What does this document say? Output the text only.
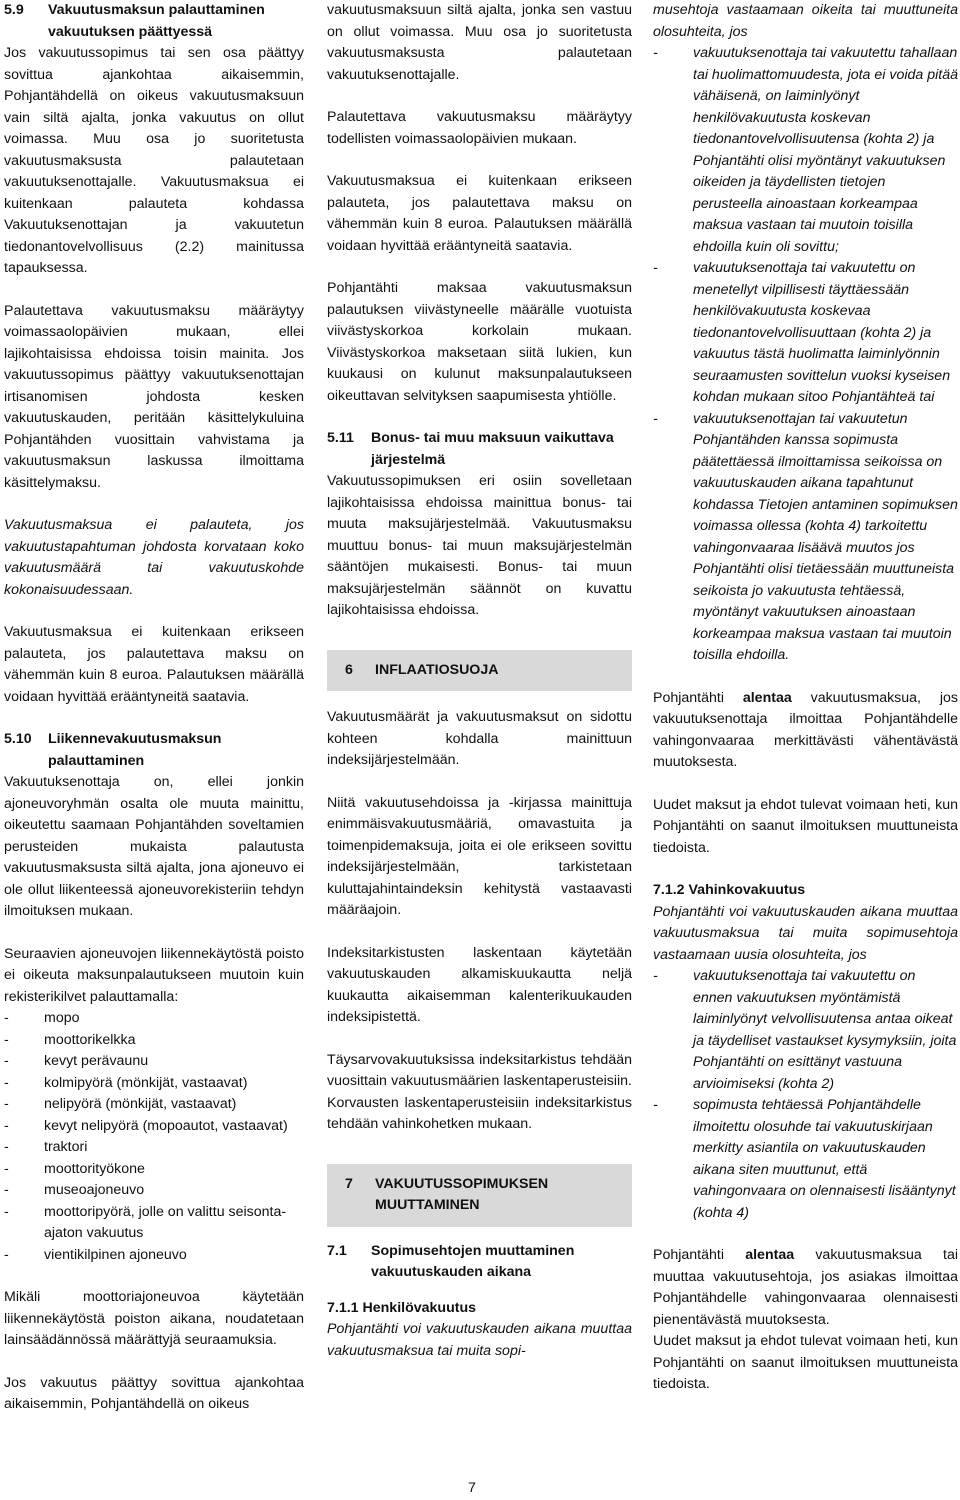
5.9	Vakuutusmaksun palauttaminen vakuutuksen päättyessä

Jos vakuutussopimus tai sen osa päättyy sovittua ajankohtaa aikaisemmin, Pohjantähdellä on oikeus vakuutusmaksuun vain siltä ajalta, jonka vakuutus on ollut voimassa. Muu osa jo suoritetusta vakuutusmaksusta palautetaan vakuutuksenottajalle. Vakuutusmaksua ei kuitenkaan palauteta kohdassa Vakuutuksenottajan ja vakuutetun tiedonantovelvollisuus (2.2) mainitussa tapauksessa.

Palautettava vakuutusmaksu määräytyy voimassaolopäivien mukaan, ellei lajikohtaisissa ehdoissa toisin mainita. Jos vakuutussopimus päättyy vakuutuksenottajan irtisanomisen johdosta kesken vakuutuskauden, peritään käsittelykuluina Pohjantähden vuosittain vahvistama ja vakuutusmaksun laskussa ilmoittama käsittelymaksu.

Vakuutusmaksua ei palauteta, jos vakuutustapahtuman johdosta korvataan koko vakuutusmäärä tai vakuutuskohde kokonaisuudessaan.

Vakuutusmaksua ei kuitenkaan erikseen palauteta, jos palautettava maksu on vähemmän kuin 8 euroa. Palautuksen määrällä voidaan hyvittää erääntyneitä saatavia.

5.10	Liikennevakuutusmaksun palauttaminen

Vakuutuksenottaja on, ellei jonkin ajoneuvoryhmän osalta ole muuta mainittu, oikeutettu saamaan Pohjantähden soveltamien perusteiden mukaista palautusta vakuutusmaksusta siltä ajalta, jona ajoneuvo ei ole ollut liikenteessä ajoneuvorekisteriin tehdyn ilmoituksen mukaan.

Seuraavien ajoneuvojen liikennekäytöstä poisto ei oikeuta maksunpalautukseen muutoin kuin rekisterikilvet palauttamalla:

- mopo
- moottorikelkka
- kevyt perävaunu
- kolmipyörä (mönkijät, vastaavat)
- nelipyörä (mönkijät, vastaavat)
- kevyt nelipyörä (mopoautot, vastaavat)
- traktori
- moottorityökone
- museoajoneuvo
- moottoripyörä, jolle on valittu seisonta-ajaton vakuutus
- vientikilpinen ajoneuvo

Mikäli moottoriajoneuvoa käytetään liikennekäytöstä poiston aikana, noudatetaan lainsäädännössä määrättyjä seuraamuksia.

Jos vakuutus päättyy sovittua ajankohtaa aikaisemmin, Pohjantähdellä on oikeus

vakuutusmaksuun siltä ajalta, jonka sen vastuu on ollut voimassa. Muu osa jo suoritetusta vakuutusmaksusta palautetaan vakuutuksenottajalle.

Palautettava vakuutusmaksu määräytyy todellisten voimassaolopäivien mukaan.

Vakuutusmaksua ei kuitenkaan erikseen palauteta, jos palautettava maksu on vähemmän kuin 8 euroa. Palautuksen määrällä voidaan hyvittää erääntyneitä saatavia.

Pohjantähti maksaa vakuutusmaksun palautuksen viivästyneelle määrälle vuotuista viivästyskorkoa korkolain mukaan. Viivästyskorkoa maksetaan siitä lukien, kun kuukausi on kulunut maksunpalautukseen oikeuttavan selvityksen saapumisesta yhtiölle.

5.11	Bonus- tai muu maksuun vaikuttava järjestelmä

Vakuutussopimuksen eri osiin sovelletaan lajikohtaisissa ehdoissa mainittua bonus- tai muuta maksujärjestelmää. Vakuutusmaksu muuttuu bonus- tai muun maksujärjestelmän sääntöjen mukaisesti. Bonus- tai muun maksujärjestelmän säännöt on kuvattu lajikohtaisissa ehdoissa.

6	INFLAATIOSUOJA

Vakuutusmäärät ja vakuutusmaksut on sidottu kohteen kohdalla mainittuun indeksijärjestelmään.

Niitä vakuutusehdoissa ja -kirjassa mainittuja enimmäisvakuutusmääriä, omavastuita ja toimenpidemaksuja, joita ei ole erikseen sovittu indeksijärjestelmään, tarkistetaan kuluttajahintaindeksin kehitystä vastaavasti määräajoin.

Indeksitarkistusten laskentaan käytetään vakuutuskauden alkamiskuukautta neljä kuukautta aikaisemman kalenterikuukauden indeksipistettä.

Täysarvovakuutuksissa indeksitarkistus tehdään vuosittain vakuutusmäärien laskentaperusteisiin. Korvausten laskentaperusteisiin indeksitarkistus tehdään vahinkohetken mukaan.

7	VAKUUTUSSOPIMUKSEN MUUTTAMINEN
7.1	Sopimusehtojen muuttaminen vakuutuskauden aikana
7.1.1 Henkilövakuutus

Pohjantähti voi vakuutuskauden aikana muuttaa vakuutusmaksua tai muita sopi-

musehtoja vastaamaan oikeita tai muuttuneita olosuhteita, jos

- vakuutuksenottaja tai vakuutettu tahallaan tai huolimattomuudesta, jota ei voida pitää vähäisenä, on laiminlyönyt henkilövakuutusta koskevan tiedonantovelvollisuutensa (kohta 2) ja Pohjantähti olisi myöntänyt vakuutuksen oikeiden ja täydellisten tietojen perusteella ainoastaan korkeampaa maksua vastaan tai muutoin toisilla ehdoilla kuin oli sovittu;
- vakuutuksenottaja tai vakuutettu on menetellyt vilpillisesti täyttäessään henkilövakuutusta koskevaa tiedonantovelvollisuuttaan (kohta 2) ja vakuutus tästä huolimatta laiminlyönnin seuraamusten sovittelun vuoksi kyseisen kohdan mukaan sitoo Pohjantähteä tai
- vakuutuksenottajan tai vakuutetun Pohjantähden kanssa sopimusta päätettäessä ilmoittamissa seikoissa on vakuutuskauden aikana tapahtunut kohdassa Tietojen antaminen sopimuksen voimassa ollessa (kohta 4) tarkoitettu vahingonvaaraa lisäävä muutos jos Pohjantähti olisi tietäessään muuttuneista seikoista jo vakuutusta tehtäessä, myöntänyt vakuutuksen ainoastaan korkeampaa maksua vastaan tai muutoin toisilla ehdoilla.

Pohjantähti alentaa vakuutusmaksua, jos vakuutuksenottaja ilmoittaa Pohjantähdelle vahingonvaaraa merkittävästi vähentävästä muutoksesta.

Uudet maksut ja ehdot tulevat voimaan heti, kun Pohjantähti on saanut ilmoituksen muuttuneista tiedoista.

7.1.2 Vahinkovakuutus

Pohjantähti voi vakuutuskauden aikana muuttaa vakuutusmaksua tai muita sopimusehtoja vastaamaan uusia olosuhteita, jos

- vakuutuksenottaja tai vakuutettu on ennen vakuutuksen myöntämistä laiminlyönyt velvollisuutensa antaa oikeat ja täydelliset vastaukset kysymyksiin, joita Pohjantähti on esittänyt vastuuna arvioimiseksi (kohta 2)
- sopimusta tehtäessä Pohjantähdelle ilmoitettu olosuhde tai vakuutuskirjaan merkitty asiantila on vakuutuskauden aikana siten muuttunut, että vahingonvaara on olennaisesti lisääntynyt (kohta 4)

Pohjantähti alentaa vakuutusmaksua tai muuttaa vakuutusehtoja, jos asiakas ilmoittaa Pohjantähdelle vahingonvaaraa olennaisesti pienentävästä muutoksesta.

Uudet maksut ja ehdot tulevat voimaan heti, kun Pohjantähti on saanut ilmoituksen muuttuneista tiedoista.

7
